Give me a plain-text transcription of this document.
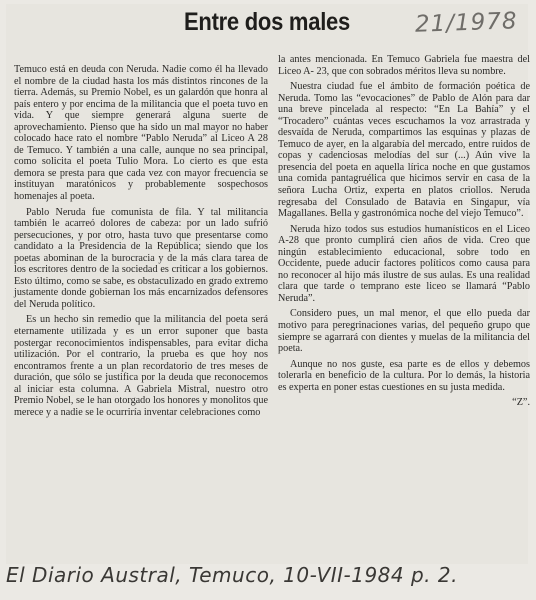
Entre dos males	21/1978

Temuco está en deuda con Neruda. Nadie como él ha llevado el nombre de la ciudad hasta los más distintos rincones de la tierra. Además, su Premio Nobel, es un galardón que honra al país entero y por encima de la militancia que el poeta tuvo en vida. Y que siempre generará alguna suerte de aprovechamiento. Pienso que ha sido un mal mayor no haber colocado hace rato el nombre “Pablo Neruda” al Liceo A 28 de Temuco. Y también a una calle, aunque no sea principal, como solicita el poeta Tulio Mora. Lo cierto es que esta demora se presta para que cada vez con mayor frecuencia se instituyan maratónicos y probablemente sospechosos homenajes al poeta.

Pablo Neruda fue comunista de fila. Y tal militancia también le acarreó dolores de cabeza: por un lado sufrió persecuciones, y por otro, hasta tuvo que presentarse como candidato a la Presidencia de la República; siendo que los poetas abominan de la burocracia y de la más clara tarea de los escritores dentro de la sociedad es criticar a los gobiernos. Esto último, como se sabe, es obstaculizado en grado extremo justamente donde gobiernan los más encarnizados defensores del Neruda político.

Es un hecho sin remedio que la militancia del poeta será eternamente utilizada y es un error suponer que basta postergar reconocimientos indispensables, para evitar dicha utilización. Por el contrario, la prueba es que hoy nos encontramos frente a un plan recordatorio de tres meses de duración, que sólo se justifica por la deuda que reconocemos al iniciar esta columna. A Gabriela Mistral, nuestro otro Premio Nobel, se le han otorgado los honores y monolitos que merece y a nadie se le ocurriría inventar celebraciones como

la antes mencionada. En Temuco Gabriela fue maestra del Liceo A- 23, que con sobrados méritos lleva su nombre.

Nuestra ciudad fue el ámbito de formación poética de Neruda. Tomo las “evocaciones” de Pablo de Alón para dar una breve pincelada al respecto: “En La Bahía” y el “Trocadero” cuántas veces escuchamos la voz arrastrada y desvaída de Neruda, compartimos las esquinas y plazas de Temuco de ayer, en la algarabía del mercado, entre ruidos de copas y cadenciosas melodías del sur (...) Aún vive la presencia del poeta en aquella lírica noche en que gustamos una comida pantagruélica que hicimos servir en casa de la señora Lucha Ortiz, experta en platos criollos. Neruda regresaba del Consulado de Batavia en Singapur, vía Magallanes. Bella y gastronómica noche del viejo Temuco”.

Neruda hizo todos sus estudios humanísticos en el Liceo A-28 que pronto cumplirá cien años de vida. Creo que ningún establecimiento educacional, sobre todo en Occidente, puede aducir factores políticos como causa para no reconocer al hijo más ilustre de sus aulas. Es una realidad clara que tarde o temprano este liceo se llamará “Pablo Neruda”.

Considero pues, un mal menor, el que ello pueda dar motivo para peregrinaciones varias, del pequeño grupo que siempre se agarrará con dientes y muelas de la militancia del poeta.

Aunque no nos guste, esa parte es de ellos y debemos tolerarla en beneficio de la cultura. Por lo demás, la historia es experta en poner estas cuestiones en su justa medida.

“Z”.

El Diario Austral, Temuco, 10-VII-1984 p. 2.
